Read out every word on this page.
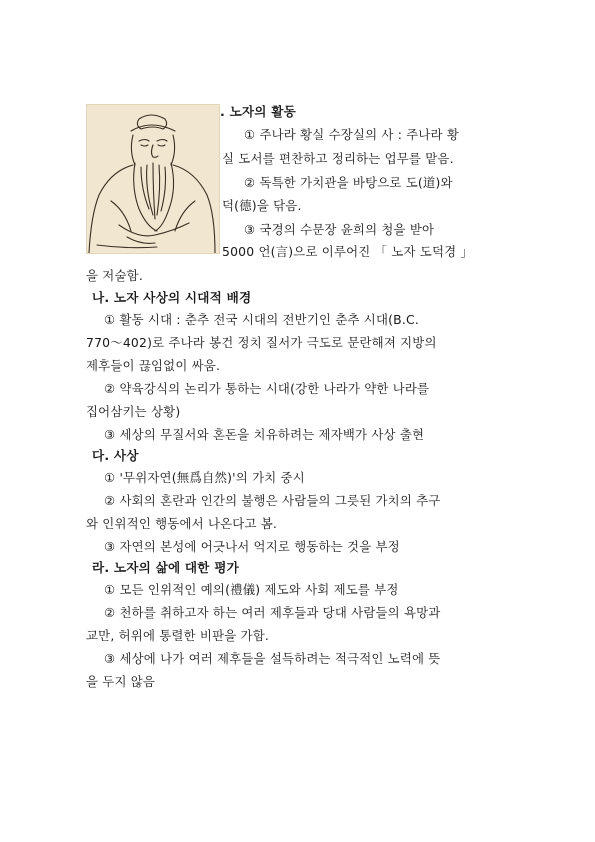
. 노자의 활동
① 주나라 황실 수장실의 사 : 주나라 황
실 도서를 편찬하고 정리하는 업무를 맡음.
② 독특한 가치관을 바탕으로 도(道)와
덕(德)을 닦음.
③ 국경의 수문장 윤희의 청을 받아
5000 언(言)으로 이루어진 「 노자 도덕경 」
을 저술함.
나. 노자 사상의 시대적 배경
① 활동 시대 : 춘추 전국 시대의 전반기인 춘추 시대(B.C.
770～402)로 주나라 봉건 정치 질서가 극도로 문란해져 지방의
제후들이 끊임없이 싸움.
② 약육강식의 논리가 통하는 시대(강한 나라가 약한 나라를
집어삼키는 상황)
③ 세상의 무질서와 혼돈을 치유하려는 제자백가 사상 출현
다. 사상
① '무위자연(無爲自然)'의 가치 중시
② 사회의 혼란과 인간의 불행은 사람들의 그릇된 가치의 추구
와 인위적인 행동에서 나온다고 봄.
③ 자연의 본성에 어긋나서 억지로 행동하는 것을 부정
라. 노자의 삶에 대한 평가
① 모든 인위적인 예의(禮儀) 제도와 사회 제도를 부정
② 천하를 취하고자 하는 여러 제후들과 당대 사람들의 욕망과
교만, 허위에 통렬한 비판을 가함.
③ 세상에 나가 여러 제후들을 설득하려는 적극적인 노력에 뜻
을 두지 않음
